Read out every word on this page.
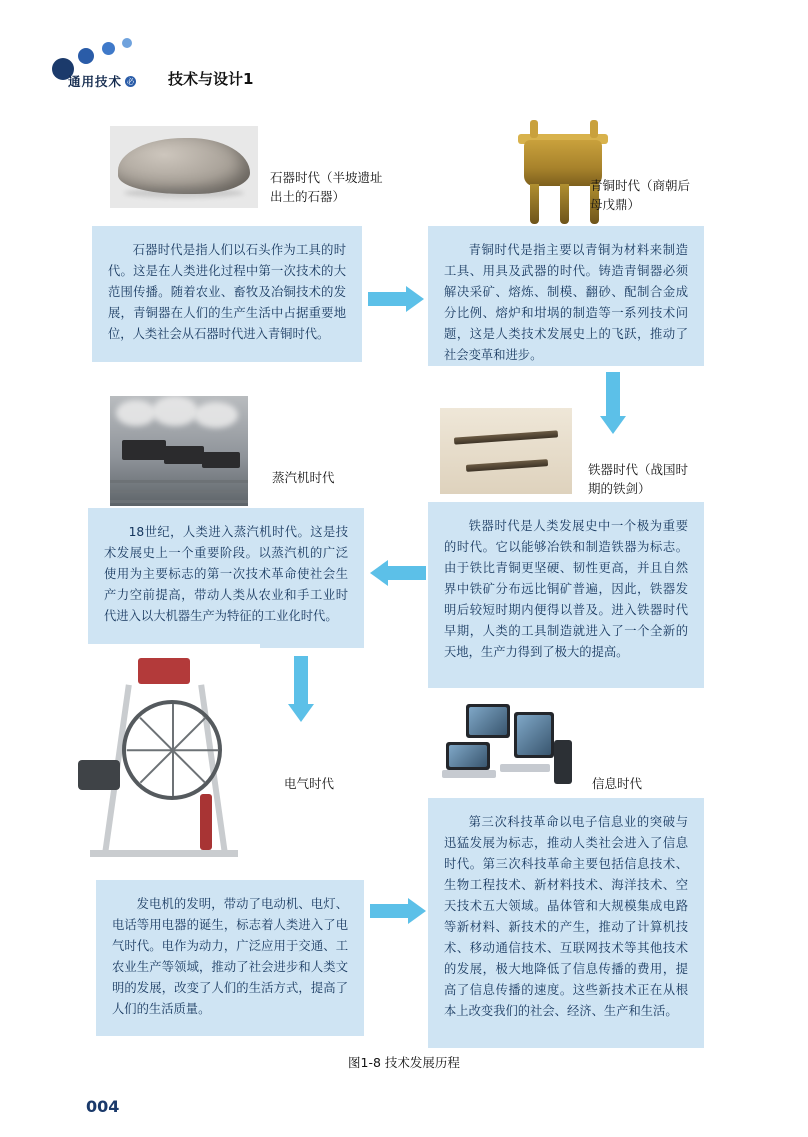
通用技术 必修
技术与设计1
石器时代（半坡遗址出土的石器）
石器时代是指人们以石头作为工具的时代。这是在人类进化过程中第一次技术的大范围传播。随着农业、畜牧及冶铜技术的发展，青铜器在人们的生产生活中占据重要地位，人类社会从石器时代进入青铜时代。
青铜时代（商朝后母戊鼎）
青铜时代是指主要以青铜为材料来制造工具、用具及武器的时代。铸造青铜器必须解决采矿、熔炼、制模、翻砂、配制合金成分比例、熔炉和坩埚的制造等一系列技术问题，这是人类技术发展史上的飞跃，推动了社会变革和进步。
铁器时代（战国时期的铁剑）
铁器时代是人类发展史中一个极为重要的时代。它以能够冶铁和制造铁器为标志。由于铁比青铜更坚硬、韧性更高，并且自然界中铁矿分布远比铜矿普遍，因此，铁器发明后较短时期内便得以普及。进入铁器时代早期，人类的工具制造就进入了一个全新的天地，生产力得到了极大的提高。
蒸汽机时代
18世纪，人类进入蒸汽机时代。这是技术发展史上一个重要阶段。以蒸汽机的广泛使用为主要标志的第一次技术革命使社会生产力空前提高，带动人类从农业和手工业时代进入以大机器生产为特征的工业化时代。
电气时代
发电机的发明，带动了电动机、电灯、电话等用电器的诞生，标志着人类进入了电气时代。电作为动力，广泛应用于交通、工农业生产等领域，推动了社会进步和人类文明的发展，改变了人们的生活方式，提高了人们的生活质量。
信息时代
第三次科技革命以电子信息业的突破与迅猛发展为标志，推动人类社会进入了信息时代。第三次科技革命主要包括信息技术、生物工程技术、新材料技术、海洋技术、空天技术五大领域。晶体管和大规模集成电路等新材料、新技术的产生，推动了计算机技术、移动通信技术、互联网技术等其他技术的发展，极大地降低了信息传播的费用，提高了信息传播的速度。这些新技术正在从根本上改变我们的社会、经济、生产和生活。
图1-8 技术发展历程
004
